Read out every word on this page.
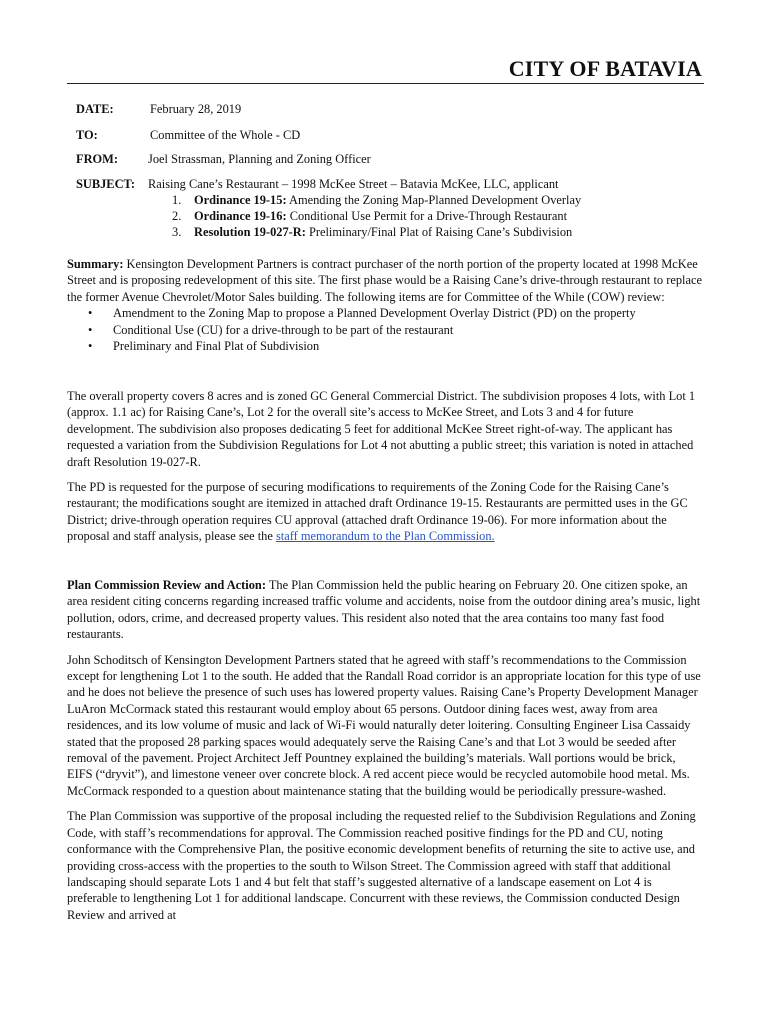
CITY OF BATAVIA
DATE:	February 28, 2019
TO:	Committee of the Whole - CD
FROM: Joel Strassman, Planning and Zoning Officer
SUBJECT: Raising Cane’s Restaurant – 1998 McKee Street – Batavia McKee, LLC, applicant
1. Ordinance 19-15: Amending the Zoning Map-Planned Development Overlay
2. Ordinance 19-16: Conditional Use Permit for a Drive-Through Restaurant
3. Resolution 19-027-R: Preliminary/Final Plat of Raising Cane’s Subdivision

Summary: Kensington Development Partners is contract purchaser of the north portion of the property located at 1998 McKee Street and is proposing redevelopment of this site. The first phase would be a Raising Cane’s drive-through restaurant to replace the former Avenue Chevrolet/Motor Sales building. The following items are for Committee of the While (COW) review:

• Amendment to the Zoning Map to propose a Planned Development Overlay District (PD) on the property
• Conditional Use (CU) for a drive-through to be part of the restaurant
• Preliminary and Final Plat of Subdivision

The overall property covers 8 acres and is zoned GC General Commercial District. The subdivision proposes 4 lots, with Lot 1 (approx. 1.1 ac) for Raising Cane’s, Lot 2 for the overall site’s access to McKee Street, and Lots 3 and 4 for future development. The subdivision also proposes dedicating 5 feet for additional McKee Street right-of-way. The applicant has requested a variation from the Subdivision Regulations for Lot 4 not abutting a public street; this variation is noted in attached draft Resolution 19-027-R.

The PD is requested for the purpose of securing modifications to requirements of the Zoning Code for the Raising Cane’s restaurant; the modifications sought are itemized in attached draft Ordinance 19-15. Restaurants are permitted uses in the GC District; drive-through operation requires CU approval (attached draft Ordinance 19-06). For more information about the proposal and staff analysis, please see the staff memorandum to the Plan Commission.

Plan Commission Review and Action: The Plan Commission held the public hearing on February 20. One citizen spoke, an area resident citing concerns regarding increased traffic volume and accidents, noise from the outdoor dining area’s music, light pollution, odors, crime, and decreased property values. This resident also noted that the area contains too many fast food restaurants.

John Schoditsch of Kensington Development Partners stated that he agreed with staff’s recommendations to the Commission except for lengthening Lot 1 to the south. He added that the Randall Road corridor is an appropriate location for this type of use and he does not believe the presence of such uses has lowered property values. Raising Cane’s Property Development Manager LuAron McCormack stated this restaurant would employ about 65 persons. Outdoor dining faces west, away from area residences, and its low volume of music and lack of Wi-Fi would naturally deter loitering. Consulting Engineer Lisa Cassaidy stated that the proposed 28 parking spaces would adequately serve the Raising Cane’s and that Lot 3 would be seeded after removal of the pavement. Project Architect Jeff Pountney explained the building’s materials. Wall portions would be brick, EIFS (“dryvit”), and limestone veneer over concrete block. A red accent piece would be recycled automobile hood metal. Ms. McCormack responded to a question about maintenance stating that the building would be periodically pressure-washed.

The Plan Commission was supportive of the proposal including the requested relief to the Subdivision Regulations and Zoning Code, with staff’s recommendations for approval. The Commission reached positive findings for the PD and CU, noting conformance with the Comprehensive Plan, the positive economic development benefits of returning the site to active use, and providing cross-access with the properties to the south to Wilson Street. The Commission agreed with staff that additional landscaping should separate Lots 1 and 4 but felt that staff’s suggested alternative of a landscape easement on Lot 4 is preferable to lengthening Lot 1 for additional landscape. Concurrent with these reviews, the Commission conducted Design Review and arrived at
